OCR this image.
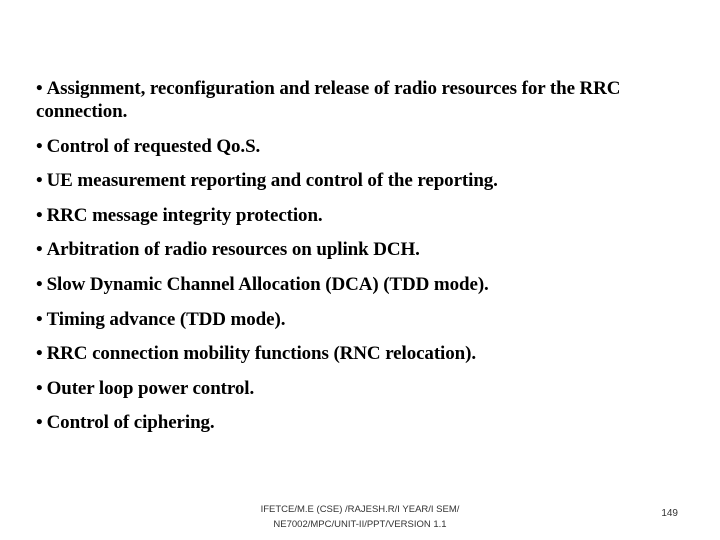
• Assignment, reconfiguration and release of radio resources for the RRC connection.
• Control of requested Qo.S.
• UE measurement reporting and control of the reporting.
• RRC message integrity protection.
• Arbitration of radio resources on uplink DCH.
• Slow Dynamic Channel Allocation (DCA) (TDD mode).
• Timing advance (TDD mode).
• RRC connection mobility functions (RNC relocation).
• Outer loop power control.
• Control of ciphering.
IFETCE/M.E (CSE) /RAJESH.R/I YEAR/I SEM/
NE7002/MPC/UNIT-II/PPT/VERSION 1.1
149
